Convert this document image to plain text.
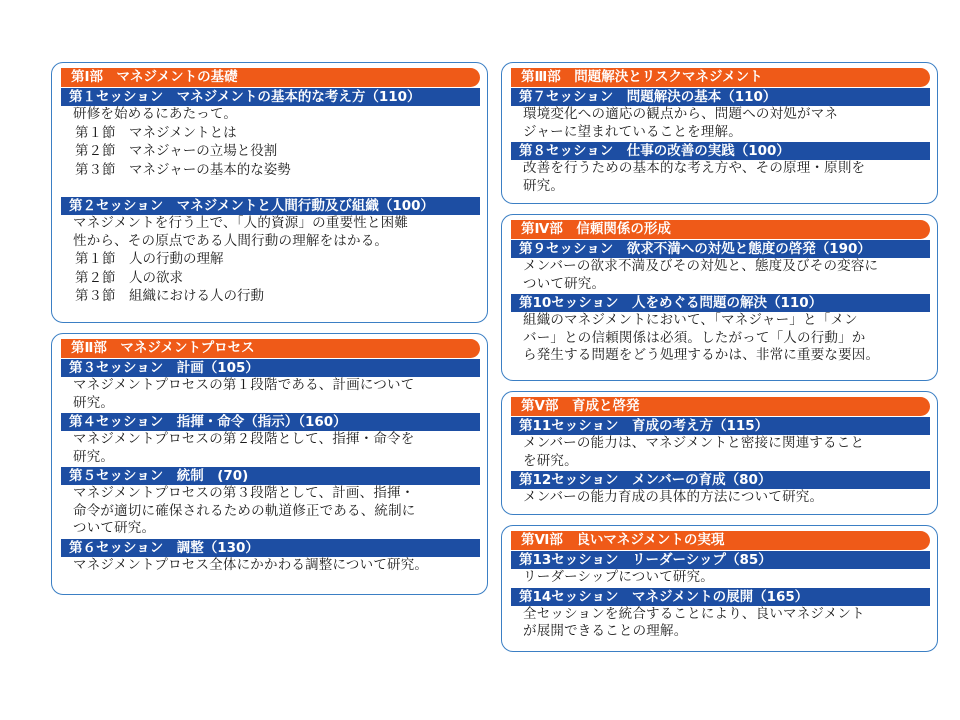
第Ⅰ部　マネジメントの基礎
第１セッション　マネジメントの基本的な考え方（110）

研修を始めるにあたって。

第１節　マネジメントとは
第２節　マネジャーの立場と役割
第３節　マネジャーの基本的な姿勢
第２セッション　マネジメントと人間行動及び組織（100）

マネジメントを行う上で、「人的資源」の重要性と困難
性から、その原点である人間行動の理解をはかる。

第１節　人の行動の理解
第２節　人の欲求
第３節　組織における人の行動
第Ⅱ部　マネジメントプロセス
第３セッション　計画（105）

マネジメントプロセスの第１段階である、計画について
研究。

第４セッション　指揮・命令（指示）（160）

マネジメントプロセスの第２段階として、指揮・命令を
研究。

第５セッション　統制　(70)

マネジメントプロセスの第３段階として、計画、指揮・
命令が適切に確保されるための軌道修正である、統制に
ついて研究。

第６セッション　調整（130）

マネジメントプロセス全体にかかわる調整について研究。

第Ⅲ部　問題解決とリスクマネジメント
第７セッション　問題解決の基本（110）

環境変化への適応の観点から、問題への対処がマネ
ジャーに望まれていることを理解。

第８セッション　仕事の改善の実践（100）

改善を行うための基本的な考え方や、その原理・原則を
研究。

第Ⅳ部　信頼関係の形成
第９セッション　欲求不満への対処と態度の啓発（190）

メンバーの欲求不満及びその対処と、態度及びその変容に
ついて研究。

第10セッション　人をめぐる問題の解決（110）

組織のマネジメントにおいて、「マネジャー」と「メン
バー」との信頼関係は必須。したがって「人の行動」か
ら発生する問題をどう処理するかは、非常に重要な要因。

第Ⅴ部　育成と啓発
第11セッション　育成の考え方（115）

メンバーの能力は、マネジメントと密接に関連すること
を研究。

第12セッション　メンバーの育成（80）

メンバーの能力育成の具体的方法について研究。

第Ⅵ部　良いマネジメントの実現
第13セッション　リーダーシップ（85）

リーダーシップについて研究。

第14セッション　マネジメントの展開（165）

全セッションを統合することにより、良いマネジメント
が展開できることの理解。
